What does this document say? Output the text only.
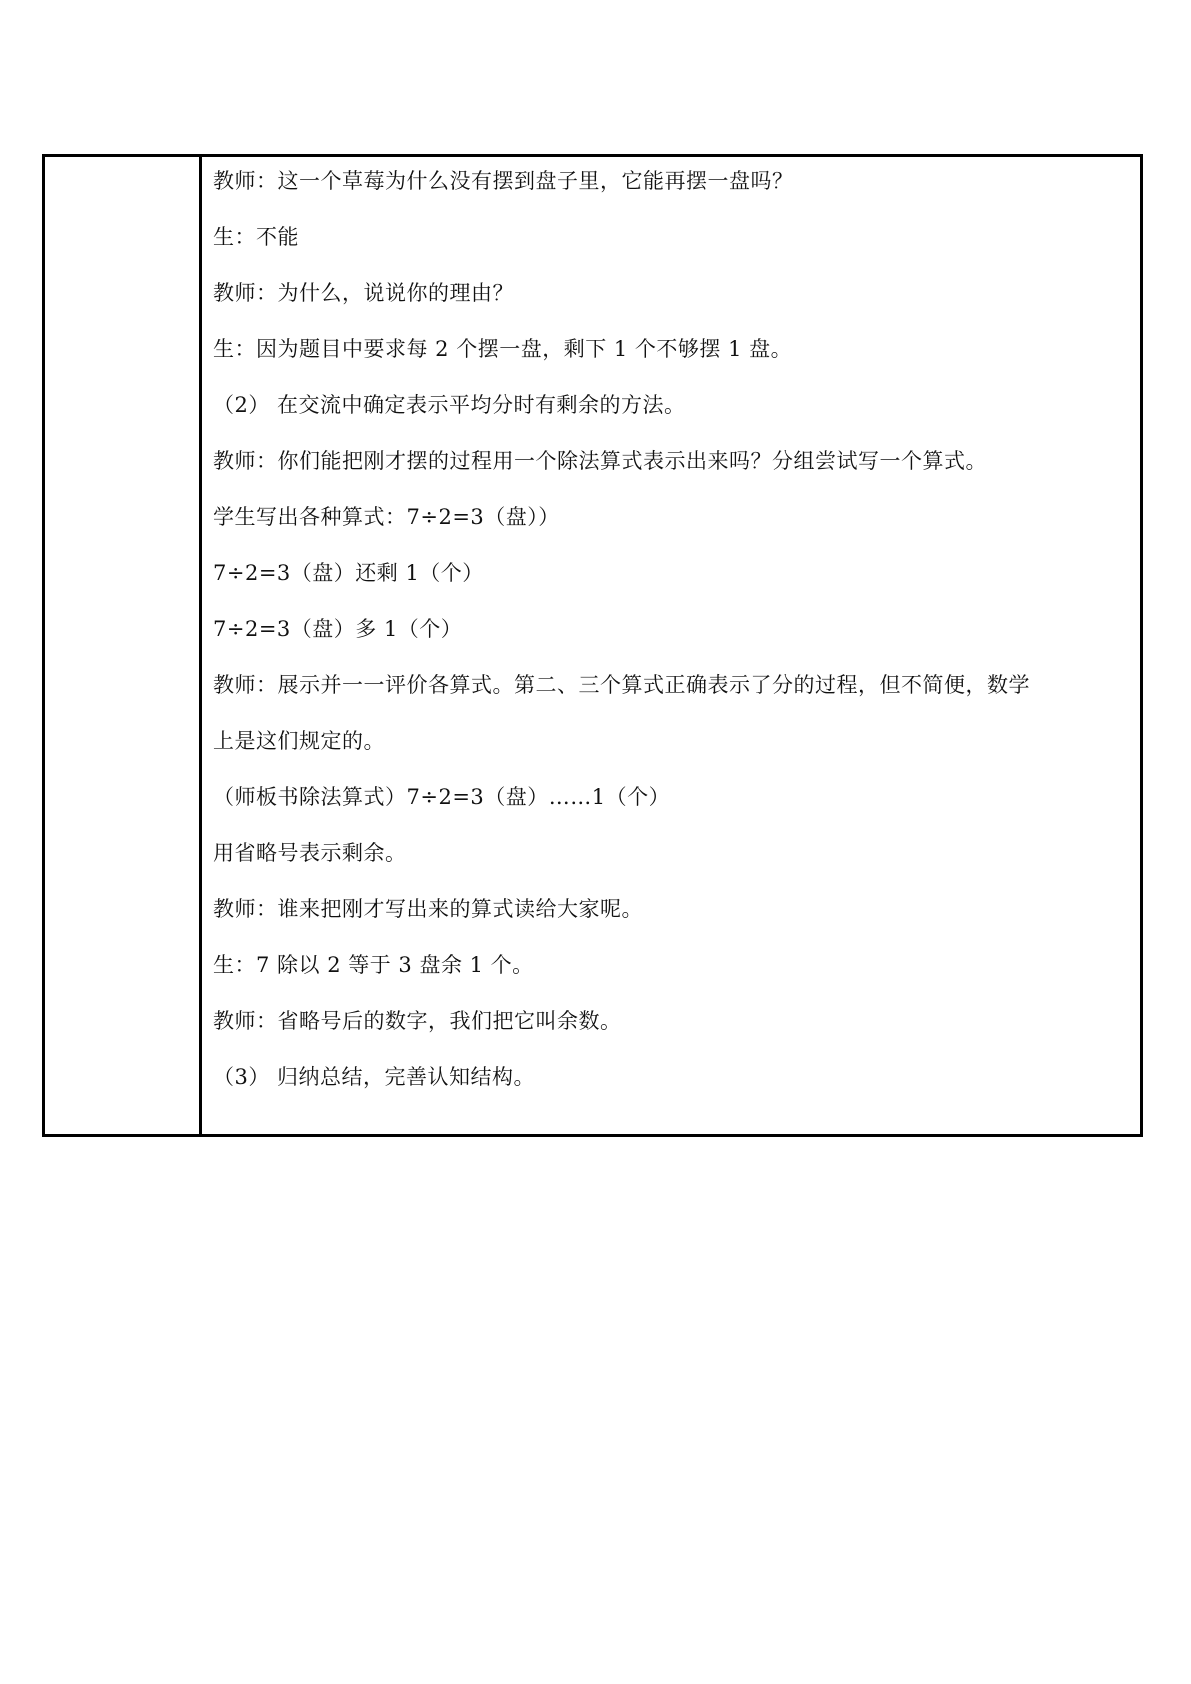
教师：这一个草莓为什么没有摆到盘子里，它能再摆一盘吗？

生：不能

教师：为什么，说说你的理由？

生：因为题目中要求每 2 个摆一盘，剩下 1 个不够摆 1 盘。

（2） 在交流中确定表示平均分时有剩余的方法。

教师：你们能把刚才摆的过程用一个除法算式表示出来吗？分组尝试写一个算式。

学生写出各种算式：7÷2=3（盘））

7÷2=3（盘）还剩 1（个）

7÷2=3（盘）多 1（个）

教师：展示并一一评价各算式。第二、三个算式正确表示了分的过程，但不简便，数学

上是这们规定的。

（师板书除法算式）7÷2=3（盘）……1（个）

用省略号表示剩余。

教师：谁来把刚才写出来的算式读给大家呢。

生：7 除以 2 等于 3 盘余 1 个。

教师：省略号后的数字，我们把它叫余数。

（3） 归纳总结，完善认知结构。
